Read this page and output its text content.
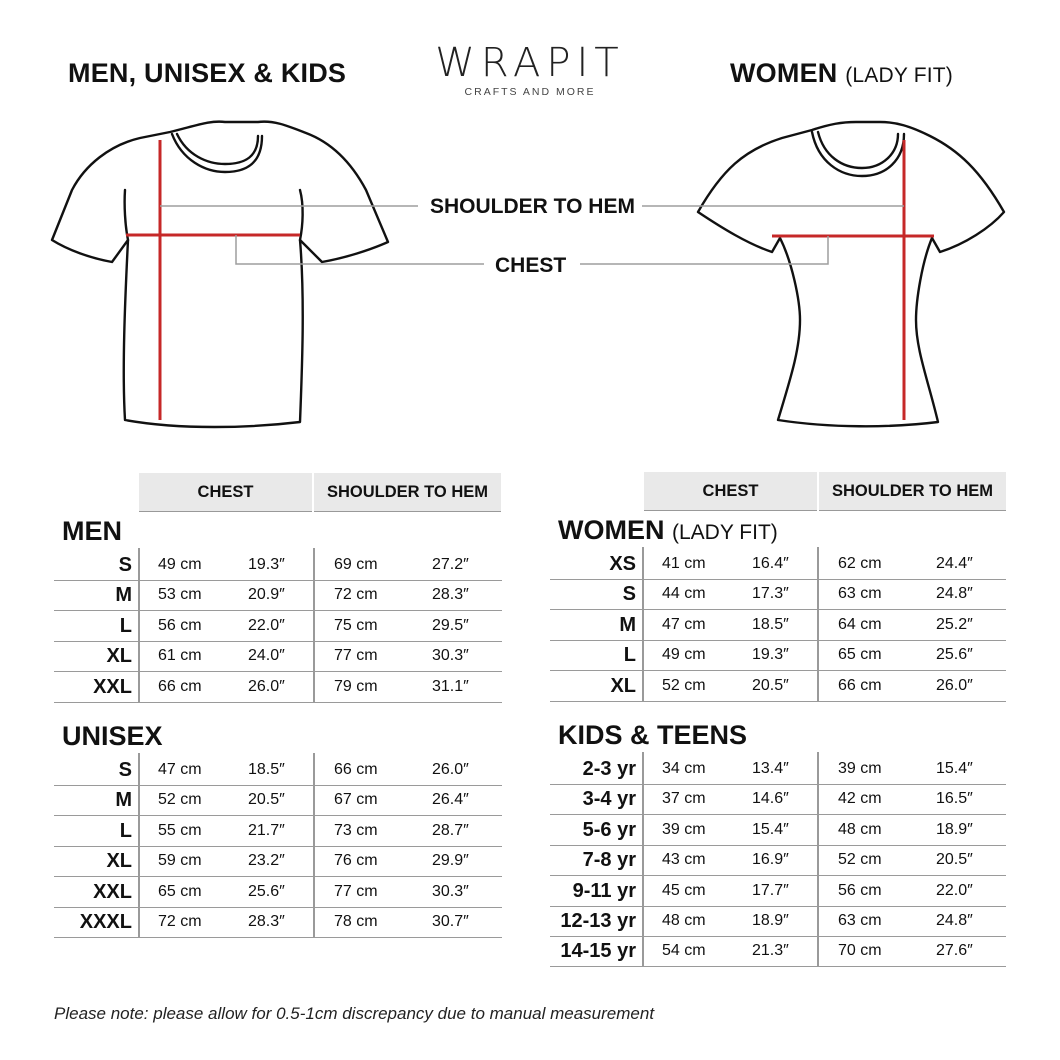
MEN, UNISEX & KIDS	WOMEN (LADY FIT)
WRAPIT
CRAFTS AND MORE
SHOULDER TO HEM
CHEST
CHEST	SHOULDER TO HEM	CHEST	SHOULDER TO HEM
MEN
UNISEX
WOMEN (LADY FIT)
KIDS & TEENS
S 49 cm	19.3″	69 cm	27.2″
M 53 cm	20.9″	72 cm	28.3″
L 56 cm	22.0″	75 cm	29.5″
XL 61 cm	24.0″	77 cm	30.3″
XXL 66 cm	26.0″	79 cm	31.1″
S 47 cm	18.5″	66 cm	26.0″
M 52 cm	20.5″	67 cm	26.4″
L 55 cm	21.7″	73 cm	28.7″
XL 59 cm	23.2″	76 cm	29.9″
XXL 65 cm	25.6″	77 cm	30.3″
XXXL 72 cm	28.3″	78 cm	30.7″
XS 41 cm	16.4″	62 cm	24.4″
S 44 cm	17.3″	63 cm	24.8″
M 47 cm	18.5″	64 cm	25.2″
L 49 cm	19.3″	65 cm	25.6″
XL 52 cm	20.5″	66 cm	26.0″
2-3 yr 34 cm	13.4″	39 cm	15.4″
3-4 yr 37 cm	14.6″	42 cm	16.5″
5-6 yr 39 cm	15.4″	48 cm	18.9″
7-8 yr 43 cm	16.9″	52 cm	20.5″
9-11 yr 45 cm	17.7″	56 cm	22.0″
12-13 yr 48 cm	18.9″	63 cm	24.8″
14-15 yr 54 cm	21.3″	70 cm	27.6″
Please note: please allow for 0.5-1cm discrepancy due to manual measurement
